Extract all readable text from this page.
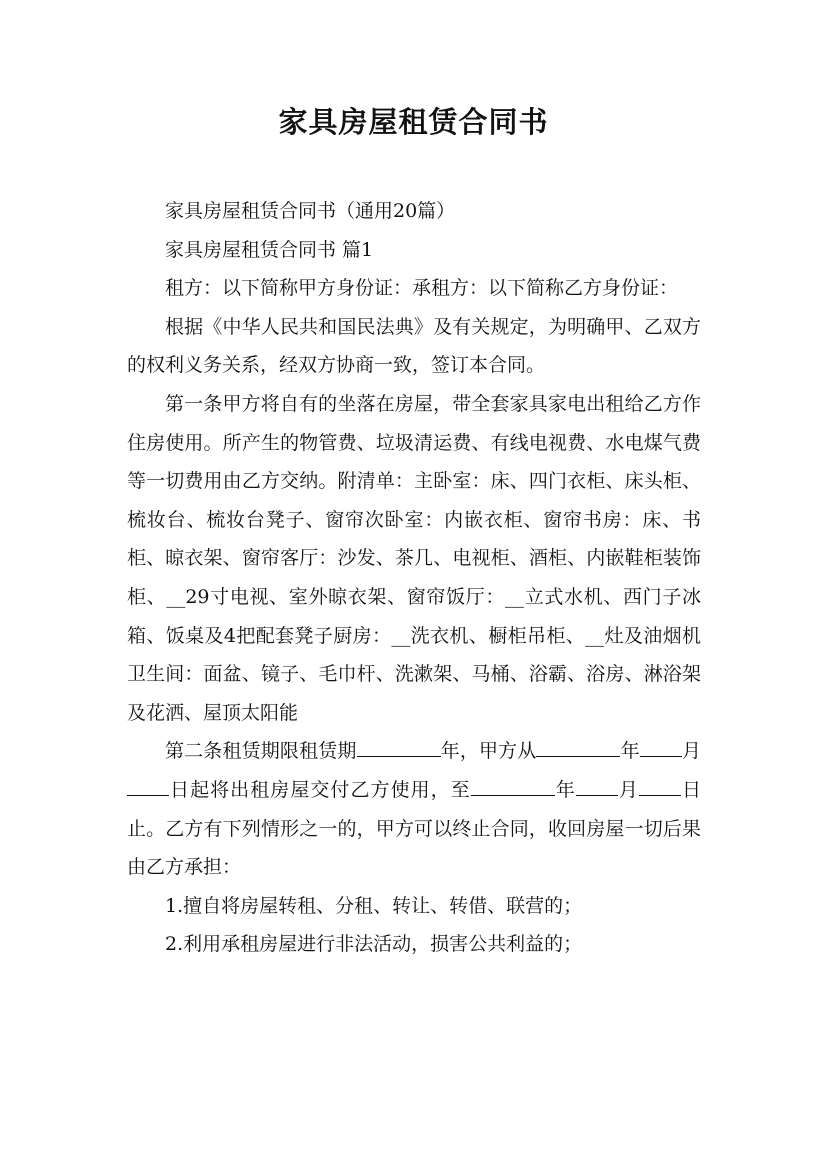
家具房屋租赁合同书

家具房屋租赁合同书（通用20篇）

家具房屋租赁合同书 篇1

租方：以下简称甲方身份证：承租方：以下简称乙方身份证：

根据《中华人民共和国民法典》及有关规定，为明确甲、乙双方的权利义务关系，经双方协商一致，签订本合同。

第一条甲方将自有的坐落在房屋，带全套家具家电出租给乙方作住房使用。所产生的物管费、垃圾清运费、有线电视费、水电煤气费等一切费用由乙方交纳。附清单：主卧室：床、四门衣柜、床头柜、梳妆台、梳妆台凳子、窗帘次卧室：内嵌衣柜、窗帘书房：床、书柜、晾衣架、窗帘客厅：沙发、茶几、电视柜、酒柜、内嵌鞋柜装饰柜、__29寸电视、室外晾衣架、窗帘饭厅：__立式水机、西门子冰箱、饭桌及4把配套凳子厨房：__洗衣机、橱柜吊柜、__灶及油烟机卫生间：面盆、镜子、毛巾杆、洗漱架、马桶、浴霸、浴房、淋浴架及花洒、屋顶太阳能

第二条租赁期限租赁期	年，甲方从	年 月日起将出租房屋交付乙方使用，至	年 月 日止。乙方有下列情形之一的，甲方可以终止合同，收回房屋一切后果由乙方承担：

1.擅自将房屋转租、分租、转让、转借、联营的；

2.利用承租房屋进行非法活动，损害公共利益的；
